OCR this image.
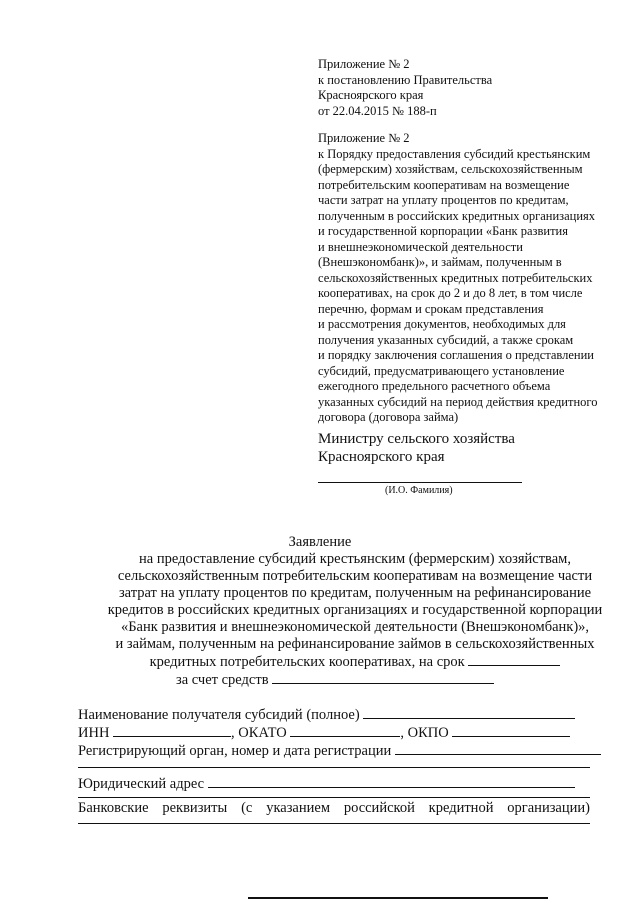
Приложение № 2
к постановлению Правительства
Красноярского края
от 22.04.2015 № 188-п
Приложение № 2
к Порядку предоставления субсидий крестьянским
(фермерским) хозяйствам, сельскохозяйственным
потребительским кооперативам на возмещение
части затрат на уплату процентов по кредитам,
полученным в российских кредитных организациях
и государственной корпорации «Банк развития
и внешнеэкономической деятельности
(Внешэкономбанк)», и займам, полученным в
сельскохозяйственных кредитных потребительских
кооперативах, на срок до 2 и до 8 лет, в том числе
перечню, формам и срокам представления
и рассмотрения документов, необходимых для
получения указанных субсидий, а также срокам
и порядку заключения соглашения о представлении
субсидий, предусматривающего установление
ежегодного предельного расчетного объема
указанных субсидий на период действия кредитного
договора (договора займа)
Министру сельского хозяйства
Красноярского края
(И.О. Фамилия)
Заявление
на предоставление субсидий крестьянским (фермерским) хозяйствам,
сельскохозяйственным потребительским кооперативам на возмещение части
затрат на уплату процентов по кредитам, полученным на рефинансирование
кредитов в российских кредитных организациях и государственной корпорации
«Банк развития и внешнеэкономической деятельности (Внешэкономбанк)»,
и займам, полученным на рефинансирование займов в сельскохозяйственных
кредитных потребительских кооперативах, на срок
за счет средств
Наименование получателя субсидий (полное)
ИНН	, ОКАТО	, ОКПО
Регистрирующий орган, номер и дата регистрации
Юридический адрес
Банковские реквизиты (с указанием российской кредитной организации)
